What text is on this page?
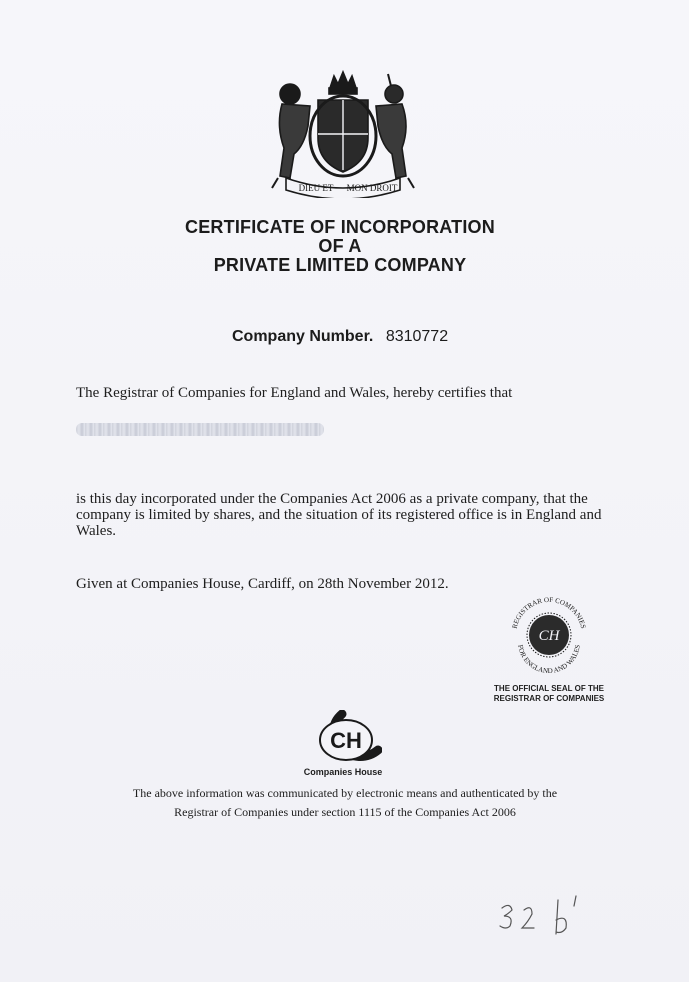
DIEU ET MON DROIT
CERTIFICATE OF INCORPORATION
OF A
PRIVATE LIMITED COMPANY
Company Number. 8310772
The Registrar of Companies for England and Wales, hereby certifies that
is this day incorporated under the Companies Act 2006 as a private company, that the company is limited by shares, and the situation of its registered office is in England and Wales.
Given at Companies House, Cardiff, on 28th November 2012.
REGISTRAR OF COMPANIES
FOR ENGLAND AND WALES
CH
THE OFFICIAL SEAL OF THE
REGISTRAR OF COMPANIES
CH
Companies House
The above information was communicated by electronic means and authenticated by the
Registrar of Companies under section 1115 of the Companies Act 2006
